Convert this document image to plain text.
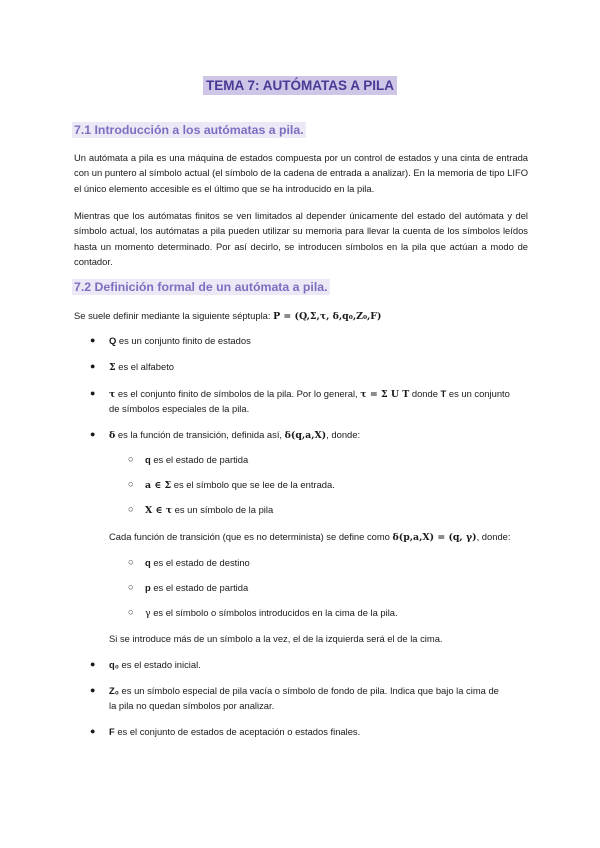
TEMA 7: AUTÓMATAS A PILA
7.1 Introducción a los autómatas a pila.
Un autómata a pila es una máquina de estados compuesta por un control de estados y una cinta de entrada con un puntero al símbolo actual (el símbolo de la cadena de entrada a analizar). En la memoria de tipo LIFO el único elemento accesible es el último que se ha introducido en la pila.
Mientras que los autómatas finitos se ven limitados al depender únicamente del estado del autómata y del símbolo actual, los autómatas a pila pueden utilizar su memoria para llevar la cuenta de los símbolos leídos hasta un momento determinado. Por así decirlo, se introducen símbolos en la pila que actúan a modo de contador.
7.2 Definición formal de un autómata a pila.
Se suele definir mediante la siguiente séptupla: P = (Q,Σ,τ, δ,q₀,Z₀,F)
● Q es un conjunto finito de estados
● Σ es el alfabeto
● τ es el conjunto finito de símbolos de la pila. Por lo general, τ = Σ U T donde T es un conjunto
de símbolos especiales de la pila.
● δ es la función de transición, definida así, δ(q,a,X), donde:
○ q es el estado de partida
○ a ∈ Σ es el símbolo que se lee de la entrada.
○ X ∈ τ es un símbolo de la pila
Cada función de transición (que es no determinista) se define como δ(p,a,X) = (q, γ), donde:
○ q es el estado de destino
○ p es el estado de partida
○ γ es el símbolo o símbolos introducidos en la cima de la pila.
Si se introduce más de un símbolo a la vez, el de la izquierda será el de la cima.
● q₀ es el estado inicial.
● Z₀ es un símbolo especial de pila vacía o símbolo de fondo de pila. Indica que bajo la cima de
la pila no quedan símbolos por analizar.
● F es el conjunto de estados de aceptación o estados finales.
